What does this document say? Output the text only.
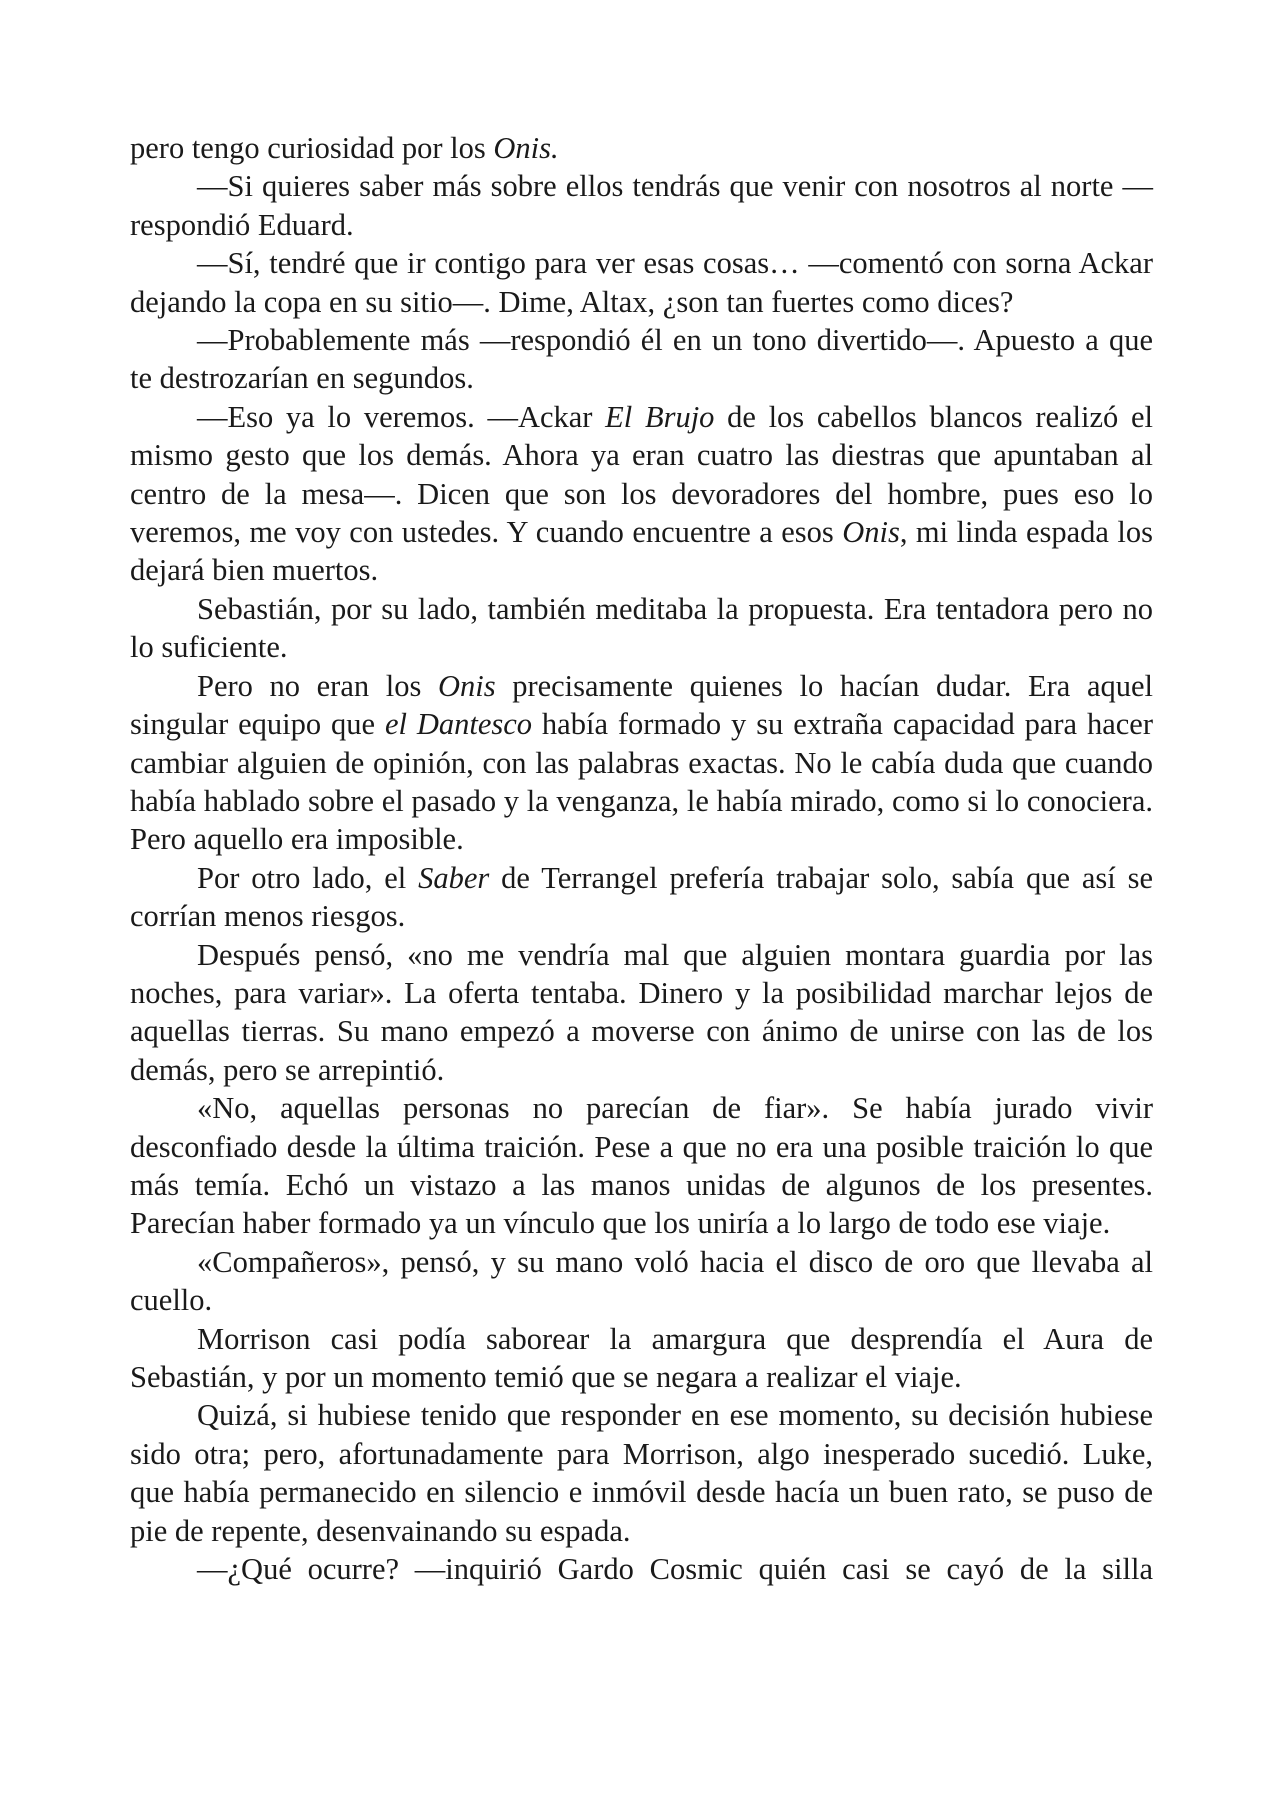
pero tengo curiosidad por los Onis.

—Si quieres saber más sobre ellos tendrás que venir con nosotros al norte —respondió Eduard.

—Sí, tendré que ir contigo para ver esas cosas… —comentó con sorna Ackar dejando la copa en su sitio—. Dime, Altax, ¿son tan fuertes como dices?

—Probablemente más —respondió él en un tono divertido—. Apuesto a que te destrozarían en segundos.

—Eso ya lo veremos. —Ackar El Brujo de los cabellos blancos realizó el mismo gesto que los demás. Ahora ya eran cuatro las diestras que apuntaban al centro de la mesa—. Dicen que son los devoradores del hombre, pues eso lo veremos, me voy con ustedes. Y cuando encuentre a esos Onis, mi linda espada los dejará bien muertos.

Sebastián, por su lado, también meditaba la propuesta. Era tentadora pero no lo suficiente.

Pero no eran los Onis precisamente quienes lo hacían dudar. Era aquel singular equipo que el Dantesco había formado y su extraña capacidad para hacer cambiar alguien de opinión, con las palabras exactas. No le cabía duda que cuando había hablado sobre el pasado y la venganza, le había mirado, como si lo conociera. Pero aquello era imposible.

Por otro lado, el Saber de Terrangel prefería trabajar solo, sabía que así se corrían menos riesgos.

Después pensó, «no me vendría mal que alguien montara guardia por las noches, para variar». La oferta tentaba. Dinero y la posibilidad marchar lejos de aquellas tierras. Su mano empezó a moverse con ánimo de unirse con las de los demás, pero se arrepintió.

«No, aquellas personas no parecían de fiar». Se había jurado vivir desconfiado desde la última traición. Pese a que no era una posible traición lo que más temía. Echó un vistazo a las manos unidas de algunos de los presentes. Parecían haber formado ya un vínculo que los uniría a lo largo de todo ese viaje.

«Compañeros», pensó, y su mano voló hacia el disco de oro que llevaba al cuello.

Morrison casi podía saborear la amargura que desprendía el Aura de Sebastián, y por un momento temió que se negara a realizar el viaje.

Quizá, si hubiese tenido que responder en ese momento, su decisión hubiese sido otra; pero, afortunadamente para Morrison, algo inesperado sucedió. Luke, que había permanecido en silencio e inmóvil desde hacía un buen rato, se puso de pie de repente, desenvainando su espada.

—¿Qué ocurre? —inquirió Gardo Cosmic quién casi se cayó de la silla
